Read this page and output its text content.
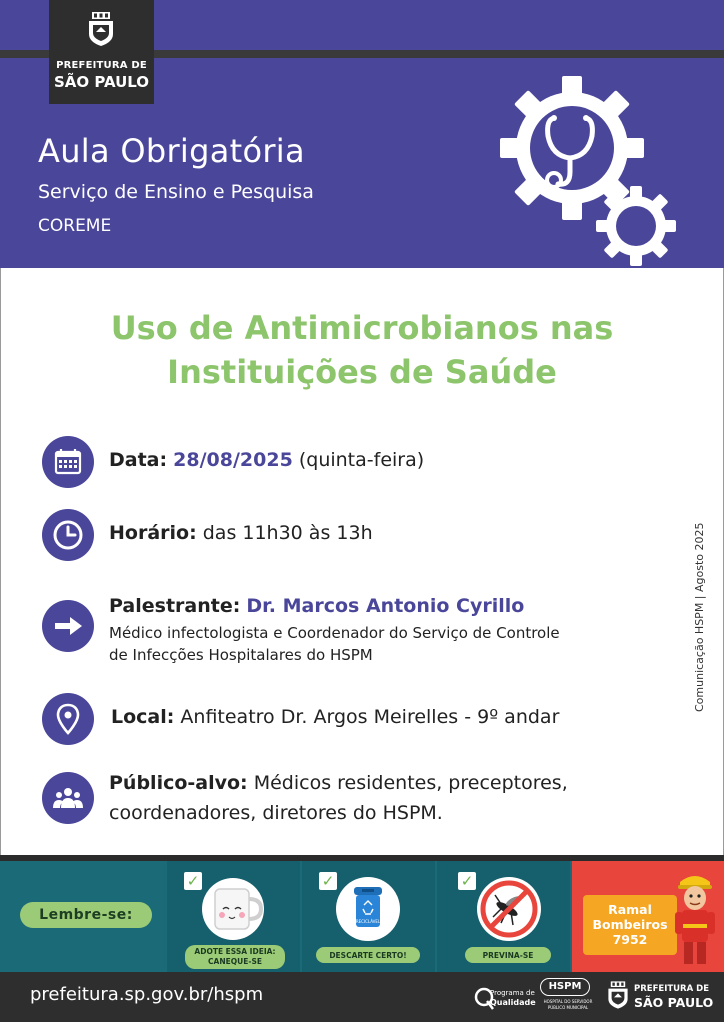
PREFEITURA DE
SÃO PAULO
Aula Obrigatória
Serviço de Ensino e Pesquisa
COREME
Uso de Antimicrobianos nas
Instituições de Saúde
Data: 28/08/2025 (quinta-feira)
Horário: das 11h30 às 13h
Palestrante: Dr. Marcos Antonio Cyrillo
Médico infectologista e Coordenador do Serviço de Controle
de Infecções Hospitalares do HSPM
Local: Anfiteatro Dr. Argos Meirelles - 9º andar
Público-alvo: Médicos residentes, preceptores,
coordenadores, diretores do HSPM.
Comunicação HSPM | Agosto 2025
Lembre-se:
✓
ADOTE ESSA IDEIA: CANEQUE-SE
✓
RECICLÁVEL
DESCARTE CERTO!
✓
PREVINA-SE
Ramal
Bombeiros
7952
prefeitura.sp.gov.br/hspm	Programa de
Qualidade
HSPM
HOSPITAL DO SERVIDOR
PÚBLICO MUNICIPAL
PREFEITURA DE
SÃO PAULO
